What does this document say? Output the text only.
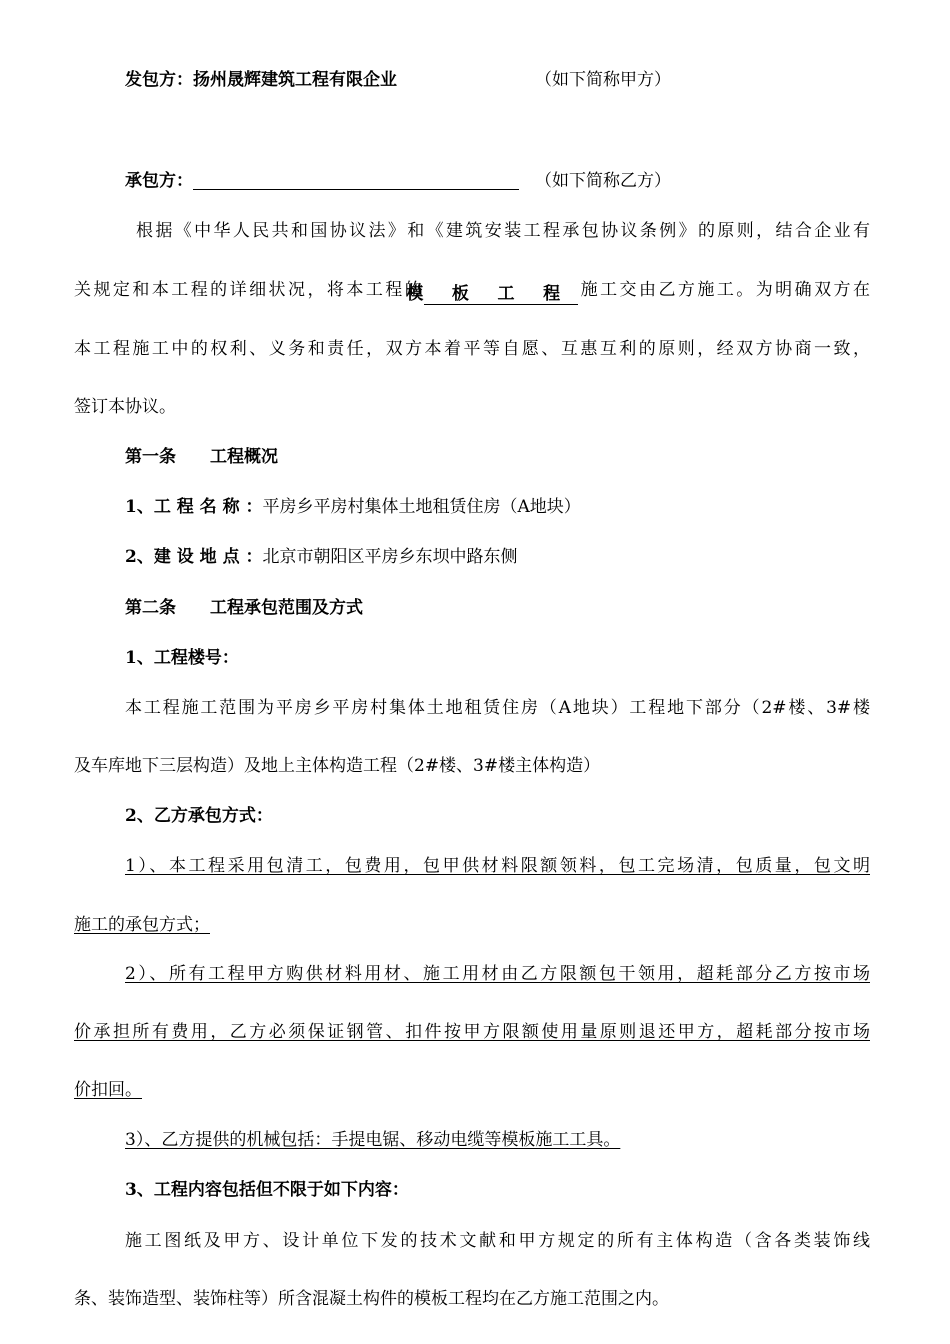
发包方：扬州晟辉建筑工程有限企业	（如下简称甲方）
承包方：	（如下简称乙方）
根据《中华人民共和国协议法》和《建筑安装工程承包协议条例》的原则，结合企业有
关规定和本工程的详细状况，将本工程的模板工程 施工交由乙方施工。为明确双方在
本工程施工中的权利、义务和责任，双方本着平等自愿、互惠互利的原则，经双方协商一致，
签订本协议。
第一条 工程概况
1、工 程 名 称 ：平房乡平房村集体土地租赁住房（A地块）
2、建 设 地 点 ：北京市朝阳区平房乡东坝中路东侧
第二条 工程承包范围及方式
1、工程楼号：
本工程施工范围为平房乡平房村集体土地租赁住房（A地块）工程地下部分（2#楼、3#楼
及车库地下三层构造）及地上主体构造工程（2#楼、3#楼主体构造）
2、乙方承包方式：
1）、本工程采用包清工，包费用，包甲供材料限额领料，包工完场清，包质量，包文明
施工的承包方式；
2）、所有工程甲方购供材料用材、施工用材由乙方限额包干领用，超耗部分乙方按市场
价承担所有费用，乙方必须保证钢管、扣件按甲方限额使用量原则退还甲方，超耗部分按市场
价扣回。
3）、乙方提供的机械包括：手提电锯、移动电缆等模板施工工具。
3、工程内容包括但不限于如下内容：
施工图纸及甲方、设计单位下发的技术文献和甲方规定的所有主体构造（含各类装饰线
条、装饰造型、装饰柱等）所含混凝土构件的模板工程均在乙方施工范围之内。
